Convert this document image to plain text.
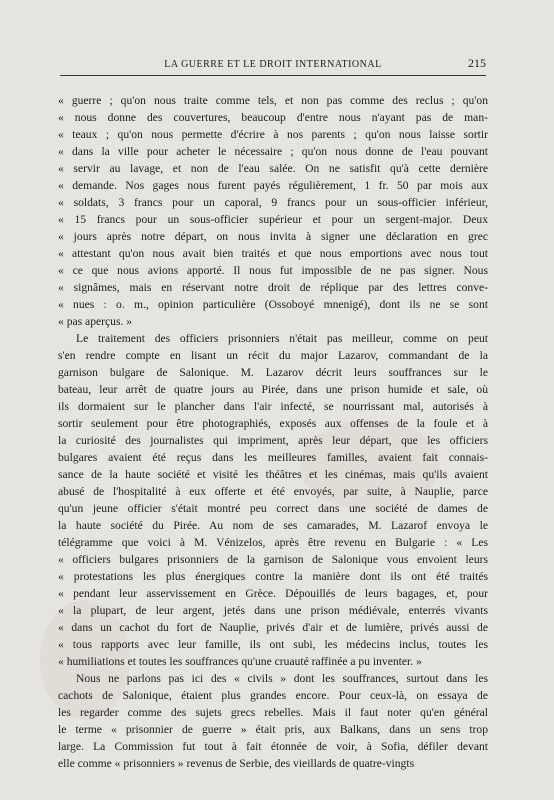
LA GUERRE ET LE DROIT INTERNATIONAL	215
« guerre ; qu'on nous traite comme tels, et non pas comme des reclus ; qu'on
« nous donne des couvertures, beaucoup d'entre nous n'ayant pas de man-
« teaux ; qu'on nous permette d'écrire à nos parents ; qu'on nous laisse sortir
« dans la ville pour acheter le nécessaire ; qu'on nous donne de l'eau pouvant
« servir au lavage, et non de l'eau salée. On ne satisfit qu'à cette dernière
« demande. Nos gages nous furent payés régulièrement, 1 fr. 50 par mois aux
« soldats, 3 francs pour un caporal, 9 francs pour un sous-officier inférieur,
« 15 francs pour un sous-officier supérieur et pour un sergent-major. Deux
« jours après notre départ, on nous invita à signer une déclaration en grec
« attestant qu'on nous avait bien traités et que nous emportions avec nous tout
« ce que nous avions apporté. Il nous fut impossible de ne pas signer. Nous
« signâmes, mais en réservant notre droit de réplique par des lettres conve-
« nues : o. m., opinion particulière (Ossoboyé mnenigé), dont ils ne se sont
« pas aperçus. »
Le traitement des officiers prisonniers n'était pas meilleur, comme on peut
s'en rendre compte en lisant un récit du major Lazarov, commandant de la
garnison bulgare de Salonique. M. Lazarov décrit leurs souffrances sur le
bateau, leur arrêt de quatre jours au Pirée, dans une prison humide et sale, où
ils dormaient sur le plancher dans l'air infecté, se nourrissant mal, autorisés à
sortir seulement pour être photographiés, exposés aux offenses de la foule et à
la curiosité des journalistes qui impriment, après leur départ, que les officiers
bulgares avaient été reçus dans les meilleures familles, avaient fait connais-
sance de la haute société et visité les théâtres et les cinémas, mais qu'ils avaient
abusé de l'hospitalité à eux offerte et été envoyés, par suite, à Nauplie, parce
qu'un jeune officier s'était montré peu correct dans une société de dames de
la haute société du Pirée. Au nom de ses camarades, M. Lazarof envoya le
télégramme que voici à M. Vénizelos, après être revenu en Bulgarie : « Les
« officiers bulgares prisonniers de la garnison de Salonique vous envoient leurs
« protestations les plus énergiques contre la manière dont ils ont été traités
« pendant leur asservissement en Grèce. Dépouillés de leurs bagages, et, pour
« la plupart, de leur argent, jetés dans une prison médiévale, enterrés vivants
« dans un cachot du fort de Nauplie, privés d'air et de lumière, privés aussi de
« tous rapports avec leur famille, ils ont subi, les médecins inclus, toutes les
« humiliations et toutes les souffrances qu'une cruauté raffinée a pu inventer. »
Nous ne parlons pas ici des « civils » dont les souffrances, surtout dans les
cachots de Salonique, étaient plus grandes encore. Pour ceux-là, on essaya de
les regarder comme des sujets grecs rebelles. Mais il faut noter qu'en général
le terme « prisonnier de guerre » était pris, aux Balkans, dans un sens trop
large. La Commission fut tout à fait étonnée de voir, à Sofia, défiler devant
elle comme « prisonniers » revenus de Serbie, des vieillards de quatre-vingts
